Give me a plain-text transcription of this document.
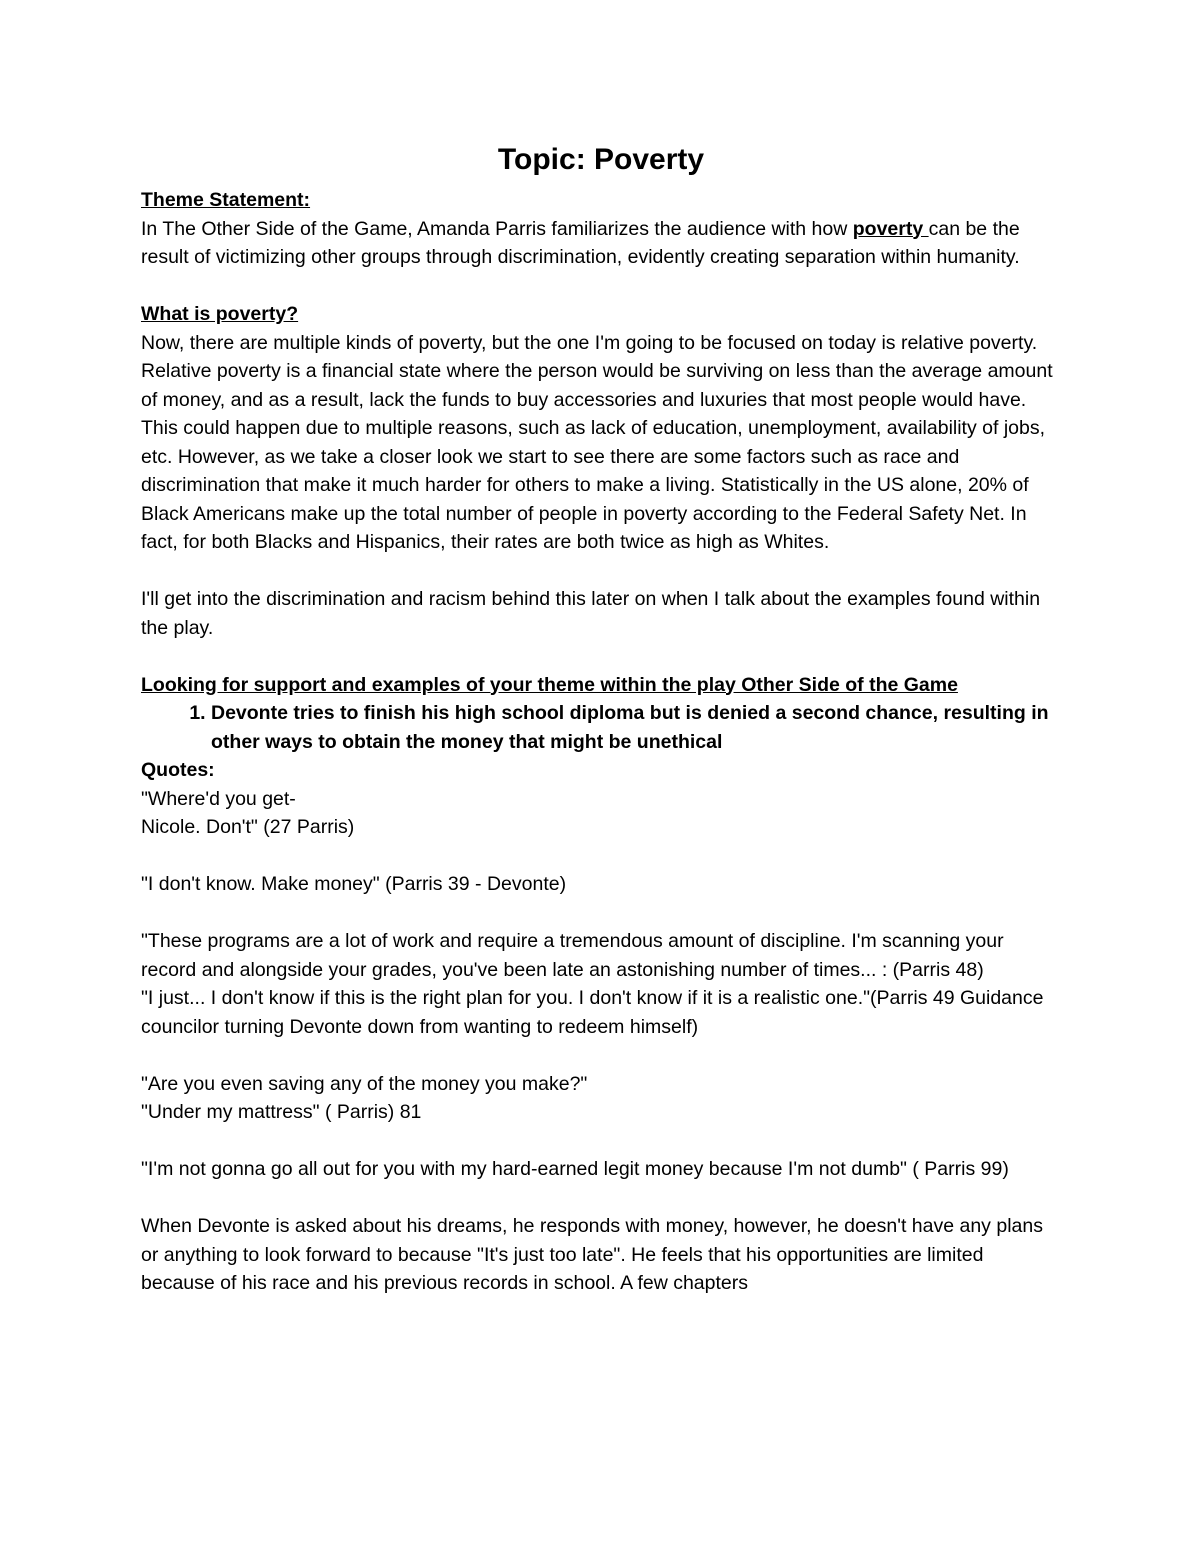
Topic: Poverty

Theme Statement:

In The Other Side of the Game, Amanda Parris familiarizes the audience with how poverty can be the result of victimizing other groups through discrimination, evidently creating separation within humanity.

What is poverty?

Now, there are multiple kinds of poverty, but the one I'm going to be focused on today is relative poverty. Relative poverty is a financial state where the person would be surviving on less than the average amount of money, and as a result, lack the funds to buy accessories and luxuries that most people would have. This could happen due to multiple reasons, such as lack of education, unemployment, availability of jobs, etc. However, as we take a closer look we start to see there are some factors such as race and discrimination that make it much harder for others to make a living. Statistically in the US alone, 20% of Black Americans make up the total number of people in poverty according to the Federal Safety Net. In fact, for both Blacks and Hispanics, their rates are both twice as high as Whites.

I'll get into the discrimination and racism behind this later on when I talk about the examples found within the play.

Looking for support and examples of your theme within the play Other Side of the Game

1. Devonte tries to finish his high school diploma but is denied a second chance, resulting in other ways to obtain the money that might be unethical

Quotes:

"Where'd you get-

Nicole. Don't" (27 Parris)

"I don't know. Make money" (Parris 39 - Devonte)

"These programs are a lot of work and require a tremendous amount of discipline. I'm scanning your record and alongside your grades, you've been late an astonishing number of times... : (Parris 48)

"I just... I don't know if this is the right plan for you. I don't know if it is a realistic one."(Parris 49 Guidance councilor turning Devonte down from wanting to redeem himself)

"Are you even saving any of the money you make?"

"Under my mattress" ( Parris) 81

"I'm not gonna go all out for you with my hard-earned legit money because I'm not dumb" ( Parris 99)

When Devonte is asked about his dreams, he responds with money, however, he doesn't have any plans or anything to look forward to because "It's just too late". He feels that his opportunities are limited because of his race and his previous records in school. A few chapters
